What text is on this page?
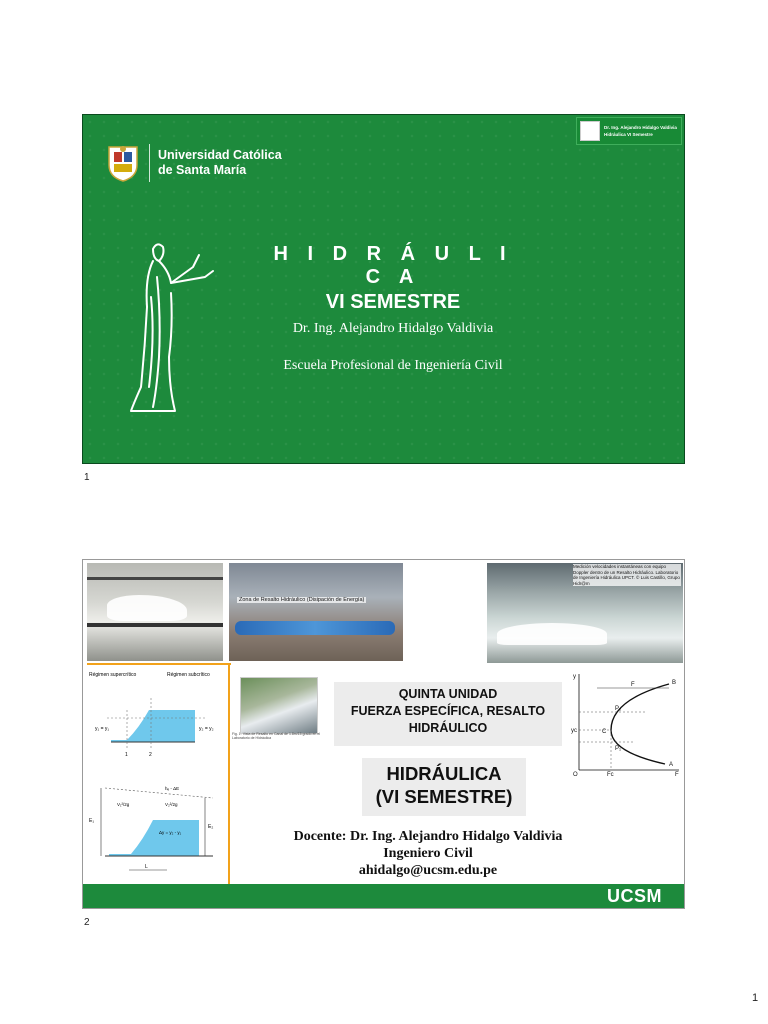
Dr. Ing. Alejandro Hidalgo Valdivia
Hidráulica VI Semestre
Universidad Católica
de Santa María
H I D R Á U L I C A
VI SEMESTRE
Dr. Ing. Alejandro Hidalgo Valdivia
Escuela Profesional de Ingeniería Civil
1
Zona de Resalto Hidráulico (Disipación de Energía)
Medición velocidades instantáneas con equipo Doppler dentro de un Resalto Hidráulico. Laboratorio de Ingeniería Hidráulica UPCT. © Luis Castillo, Grupo Hidr@m
Régimen supercrítico	Régimen subcrítico
y₁ = y₁	y₂ = y₂
1	2
E₁
E₂
hₑ - ΔE
V₁²/2g	V₂²/2g
Δy = y₂ - y₁
L
Fig. 1. Vista de Resalto en Canal de 1.8m/15 grado en el Laboratorio de Hidráulica
QUINTA UNIDAD
FUERZA ESPECÍFICA, RESALTO
HIDRÁULICO
HIDRÁULICA
(VI SEMESTRE)
y
F	B
A
C
P₂
P₁
O	Fc	F
yc
Docente: Dr. Ing. Alejandro Hidalgo Valdivia
Ingeniero Civil
ahidalgo@ucsm.edu.pe
UCSM
2
1
